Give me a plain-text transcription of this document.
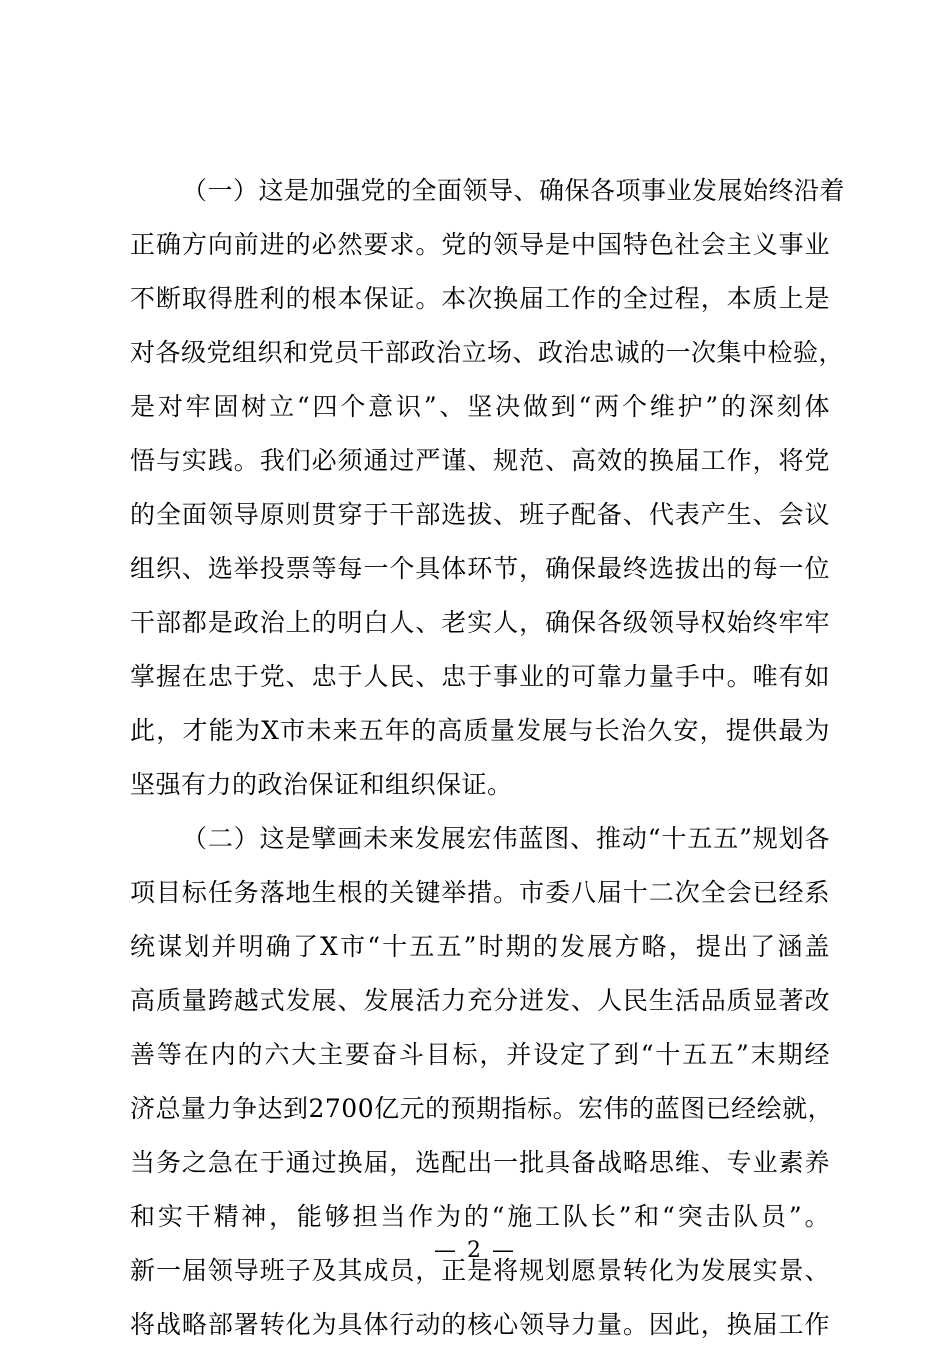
（一）这是加强党的全面领导、确保各项事业发展始终沿着
正确方向前进的必然要求。党的领导是中国特色社会主义事业
不断取得胜利的根本保证。本次换届工作的全过程，本质上是
对各级党组织和党员干部政治立场、政治忠诚的一次集中检验，
是对牢固树立“四个意识”、坚决做到“两个维护”的深刻体
悟与实践。我们必须通过严谨、规范、高效的换届工作，将党
的全面领导原则贯穿于干部选拔、班子配备、代表产生、会议
组织、选举投票等每一个具体环节，确保最终选拔出的每一位
干部都是政治上的明白人、老实人，确保各级领导权始终牢牢
掌握在忠于党、忠于人民、忠于事业的可靠力量手中。唯有如
此，才能为X市未来五年的高质量发展与长治久安，提供最为
坚强有力的政治保证和组织保证。
（二）这是擘画未来发展宏伟蓝图、推动“十五五”规划各
项目标任务落地生根的关键举措。市委八届十二次全会已经系
统谋划并明确了X市“十五五”时期的发展方略，提出了涵盖
高质量跨越式发展、发展活力充分迸发、人民生活品质显著改
善等在内的六大主要奋斗目标，并设定了到“十五五”末期经
济总量力争达到2700亿元的预期指标。宏伟的蓝图已经绘就，
当务之急在于通过换届，选配出一批具备战略思维、专业素养
和实干精神，能够担当作为的“施工队长”和“突击队员”。
新一届领导班子及其成员，正是将规划愿景转化为发展实景、
将战略部署转化为具体行动的核心领导力量。因此，换届工作
— 2 —
